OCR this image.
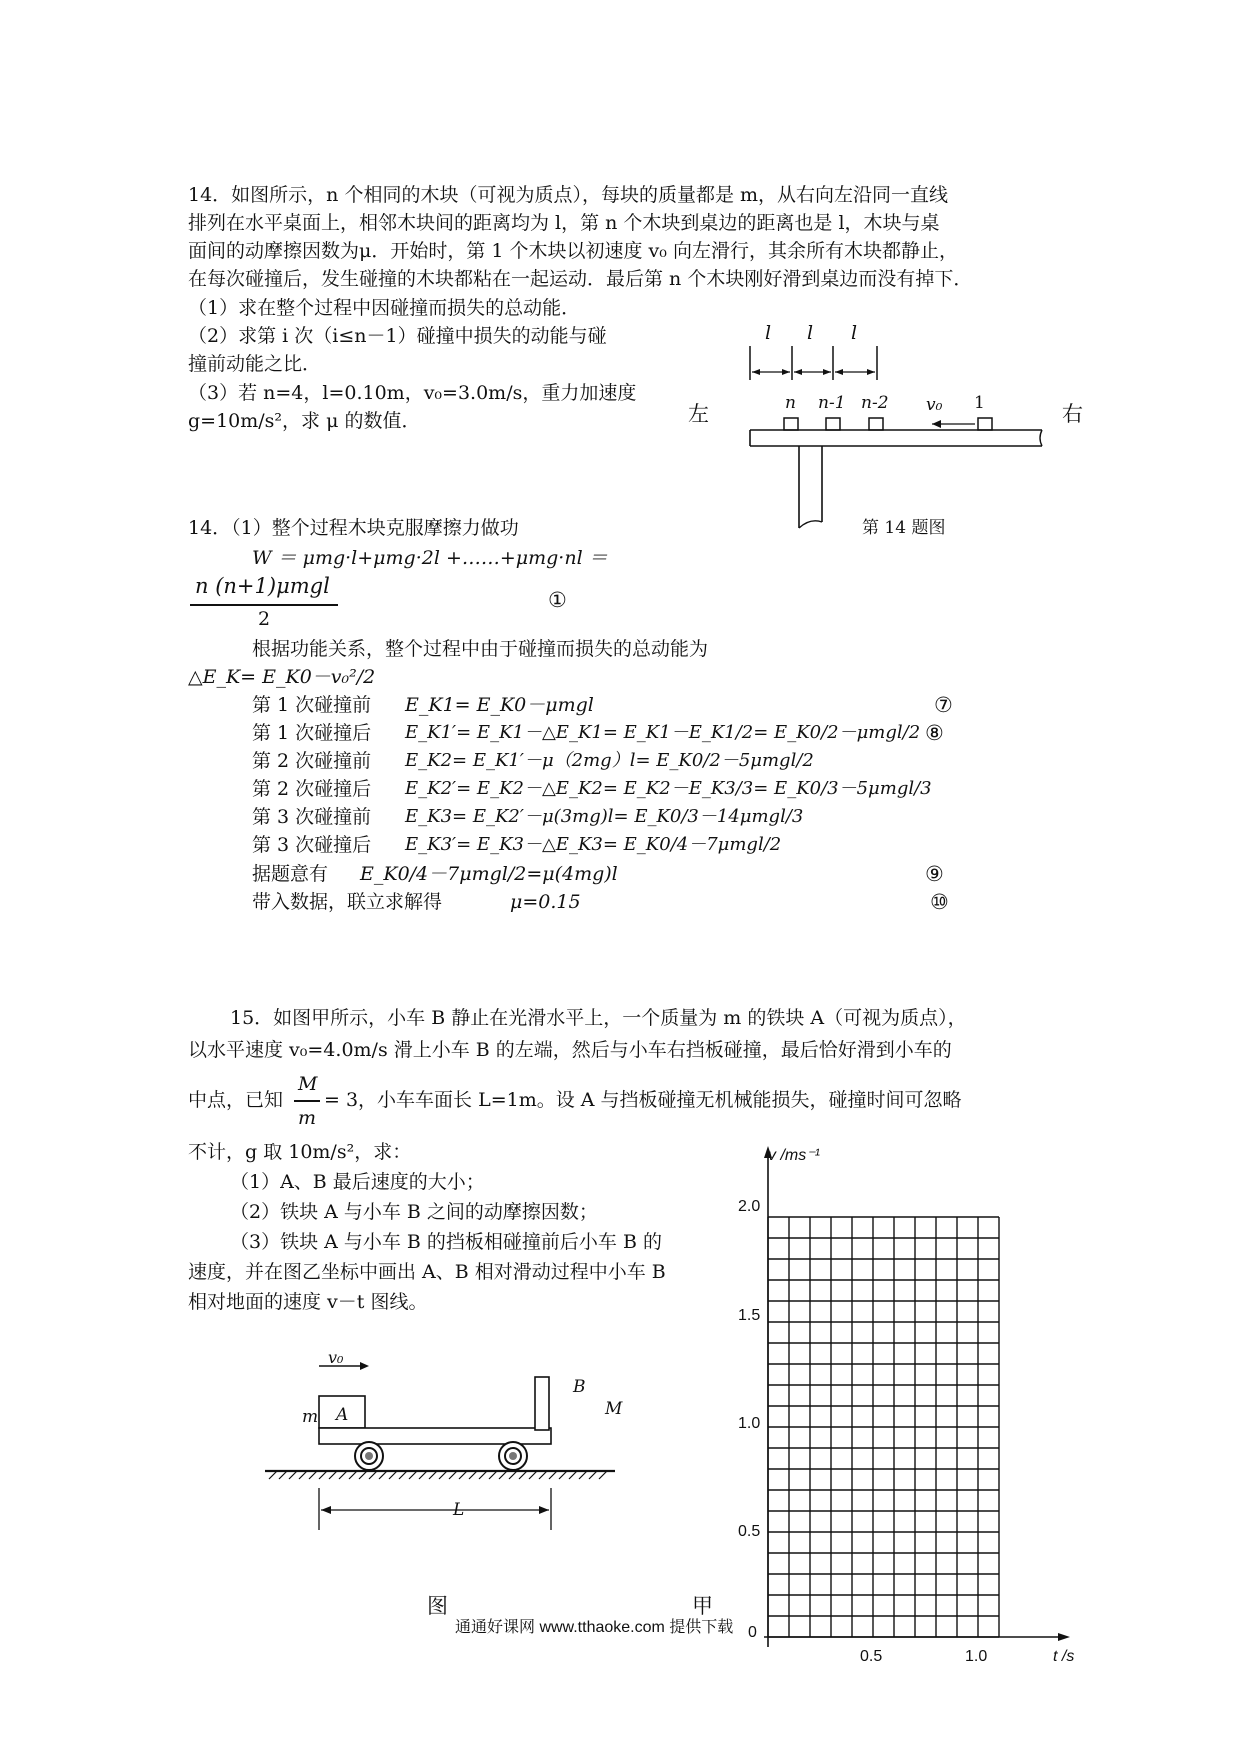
14．如图所示，n 个相同的木块（可视为质点），每块的质量都是 m，从右向左沿同一直线
排列在水平桌面上，相邻木块间的距离均为 l，第 n 个木块到桌边的距离也是 l，木块与桌
面间的动摩擦因数为μ．开始时，第 1 个木块以初速度 v₀ 向左滑行，其余所有木块都静止，
在每次碰撞后，发生碰撞的木块都粘在一起运动．最后第 n 个木块刚好滑到桌边而没有掉下．
（1）求在整个过程中因碰撞而损失的总动能．
（2）求第 i 次（i≤n－1）碰撞中损失的动能与碰
撞前动能之比．
（3）若 n=4，l=0.10m，v₀=3.0m/s，重力加速度
g=10m/s²，求 μ 的数值．
l l l
左	右
n n-1 n-2 v₀ 1
第 14 题图
14．（1）整个过程木块克服摩擦力做功
W ＝ μmg·l+μmg·2l +……+μmg·nl ＝
n (n+1)μmgl
2
①
根据功能关系，整个过程中由于碰撞而损失的总动能为
△E_K= E_K0－v₀²/2
第 1 次碰撞前 E_K1= E_K0－μmgl	⑦
第 1 次碰撞后 E_K1′= E_K1－△E_K1= E_K1－E_K1/2= E_K0/2－μmgl/2 ⑧
第 2 次碰撞前 E_K2= E_K1′－μ（2mg）l= E_K0/2－5μmgl/2
第 2 次碰撞后 E_K2′= E_K2－△E_K2= E_K2－E_K3/3= E_K0/3－5μmgl/3
第 3 次碰撞前 E_K3= E_K2′－μ(3mg)l= E_K0/3－14μmgl/3
第 3 次碰撞后 E_K3′= E_K3－△E_K3= E_K0/4－7μmgl/2
据题意有 E_K0/4－7μmgl/2=μ(4mg)l	⑨
带入数据，联立求解得	μ=0.15	⑩
15．如图甲所示，小车 B 静止在光滑水平上，一个质量为 m 的铁块 A（可视为质点），
以水平速度 v₀=4.0m/s 滑上小车 B 的左端，然后与小车右挡板碰撞，最后恰好滑到小车的
中点，已知
M
m
= 3，小车车面长 L=1m。设 A 与挡板碰撞无机械能损失，碰撞时间可忽略
不计，g 取 10m/s²，求：
（1）A、B 最后速度的大小；
（2）铁块 A 与小车 B 之间的动摩擦因数；
（3）铁块 A 与小车 B 的挡板相碰撞前后小车 B 的
速度，并在图乙坐标中画出 A、B 相对滑动过程中小车 B
相对地面的速度 v－t 图线。
v₀
m A
B
M
L
图	甲
v /ms⁻¹
t /s
0
2.0
1.5
1.0
0.5
0.5	1.0
通通好课网 www.tthaoke.com 提供下载
